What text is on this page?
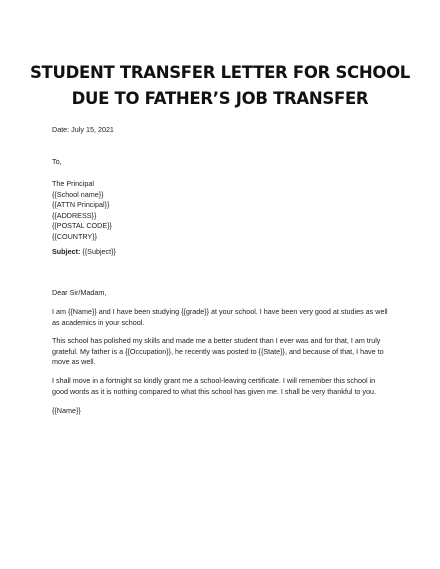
STUDENT TRANSFER LETTER FOR SCHOOL
DUE TO FATHER’S JOB TRANSFER
Date: July 15, 2021
To,
The Principal
{{School name}}
{{ATTN Principal}}
{{ADDRESS}}
{{POSTAL CODE}}
{{COUNTRY}}
Subject: {{Subject}}
Dear Sir/Madam,
I am {{Name}} and I have been studying {{grade}} at your school. I have been very good at studies as well
as academics in your school.
This school has polished my skills and made me a better student than I ever was and for that, I am truly
grateful. My father is a {{Occupation}}, he recently was posted to {{State}}, and because of that, I have to
move as well.
I shall move in a fortnight so kindly grant me a school-leaving certificate. I will remember this school in
good words as it is nothing compared to what this school has given me. I shall be very thankful to you.
{{Name}}
